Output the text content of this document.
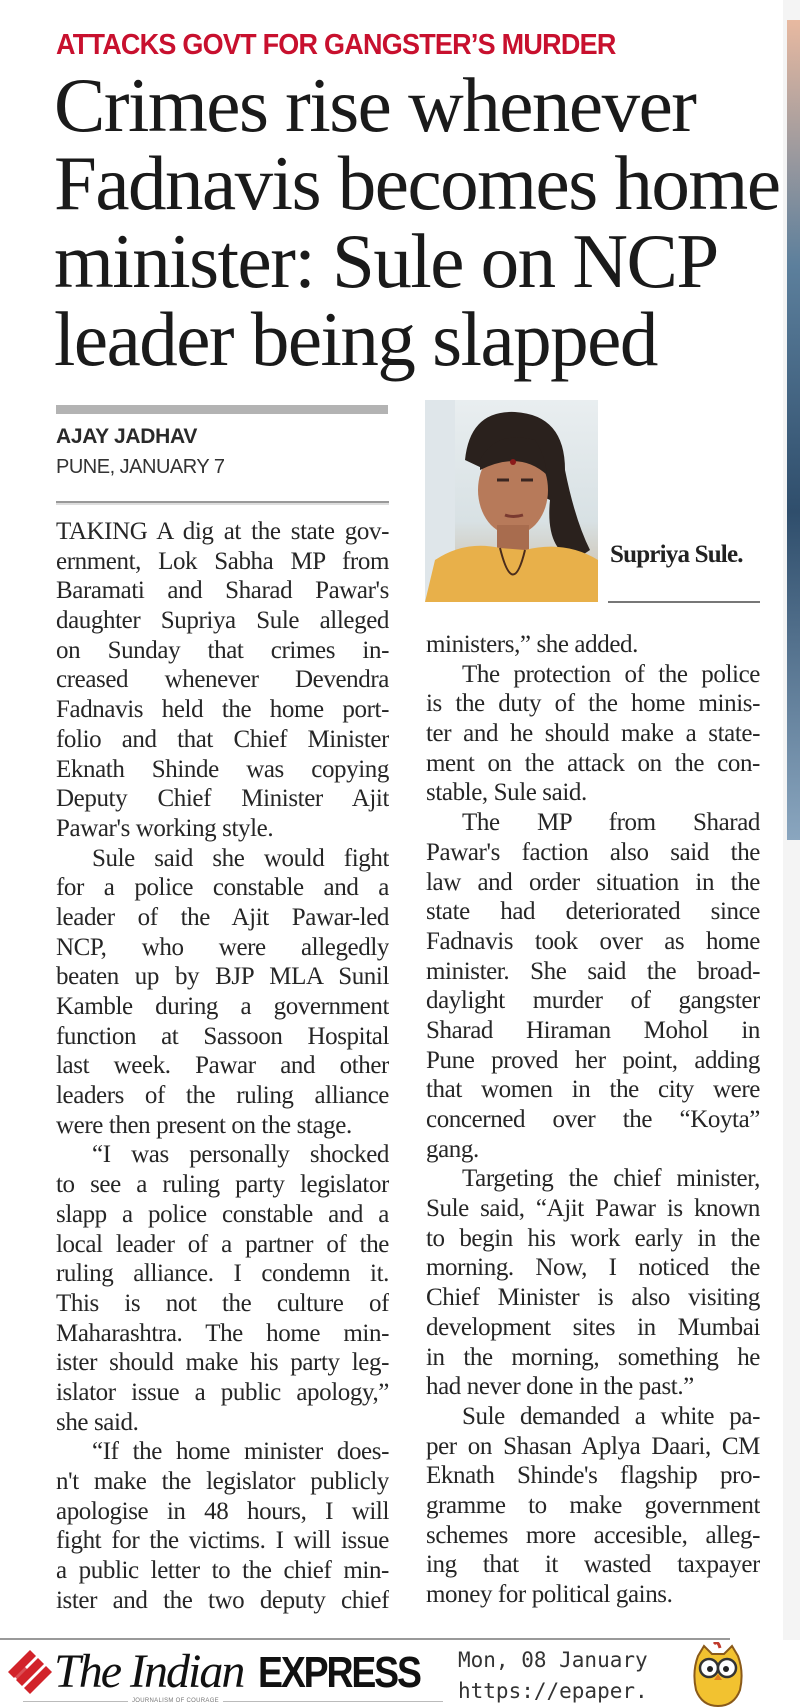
ATTACKS GOVT FOR GANGSTER’S MURDER
Crimes rise whenever
Fadnavis becomes home
minister: Sule on NCP
leader being slapped
AJAY JADHAV
PUNE, JANUARY 7
TAKING A dig at the state gov-
ernment, Lok Sabha MP from
Baramati and Sharad Pawar's
daughter Supriya Sule alleged
on Sunday that crimes in-
creased whenever Devendra
Fadnavis held the home port-
folio and that Chief Minister
Eknath Shinde was copying
Deputy Chief Minister Ajit
Pawar's working style.
Sule said she would fight
for a police constable and a
leader of the Ajit Pawar-led
NCP, who were allegedly
beaten up by BJP MLA Sunil
Kamble during a government
function at Sassoon Hospital
last week. Pawar and other
leaders of the ruling alliance
were then present on the stage.
“I was personally shocked
to see a ruling party legislator
slapp a police constable and a
local leader of a partner of the
ruling alliance. I condemn it.
This is not the culture of
Maharashtra. The home min-
ister should make his party leg-
islator issue a public apology,”
she said.
“If the home minister does-
n't make the legislator publicly
apologise in 48 hours, I will
fight for the victims. I will issue
a public letter to the chief min-
ister and the two deputy chief
ministers,” she added.
The protection of the police
is the duty of the home minis-
ter and he should make a state-
ment on the attack on the con-
stable, Sule said.
The MP from Sharad
Pawar's faction also said the
law and order situation in the
state had deteriorated since
Fadnavis took over as home
minister. She said the broad-
daylight murder of gangster
Sharad Hiraman Mohol in
Pune proved her point, adding
that women in the city were
concerned over the “Koyta”
gang.
Targeting the chief minister,
Sule said, “Ajit Pawar is known
to begin his work early in the
morning. Now, I noticed the
Chief Minister is also visiting
development sites in Mumbai
in the morning, something he
had never done in the past.”
Sule demanded a white pa-
per on Shasan Aplya Daari, CM
Eknath Shinde's flagship pro-
gramme to make government
schemes more accesible, alleg-
ing that it wasted taxpayer
money for political gains.
Supriya Sule.
The Indian EXPRESS
JOURNALISM OF COURAGE
Mon, 08 January
https://epaper.
